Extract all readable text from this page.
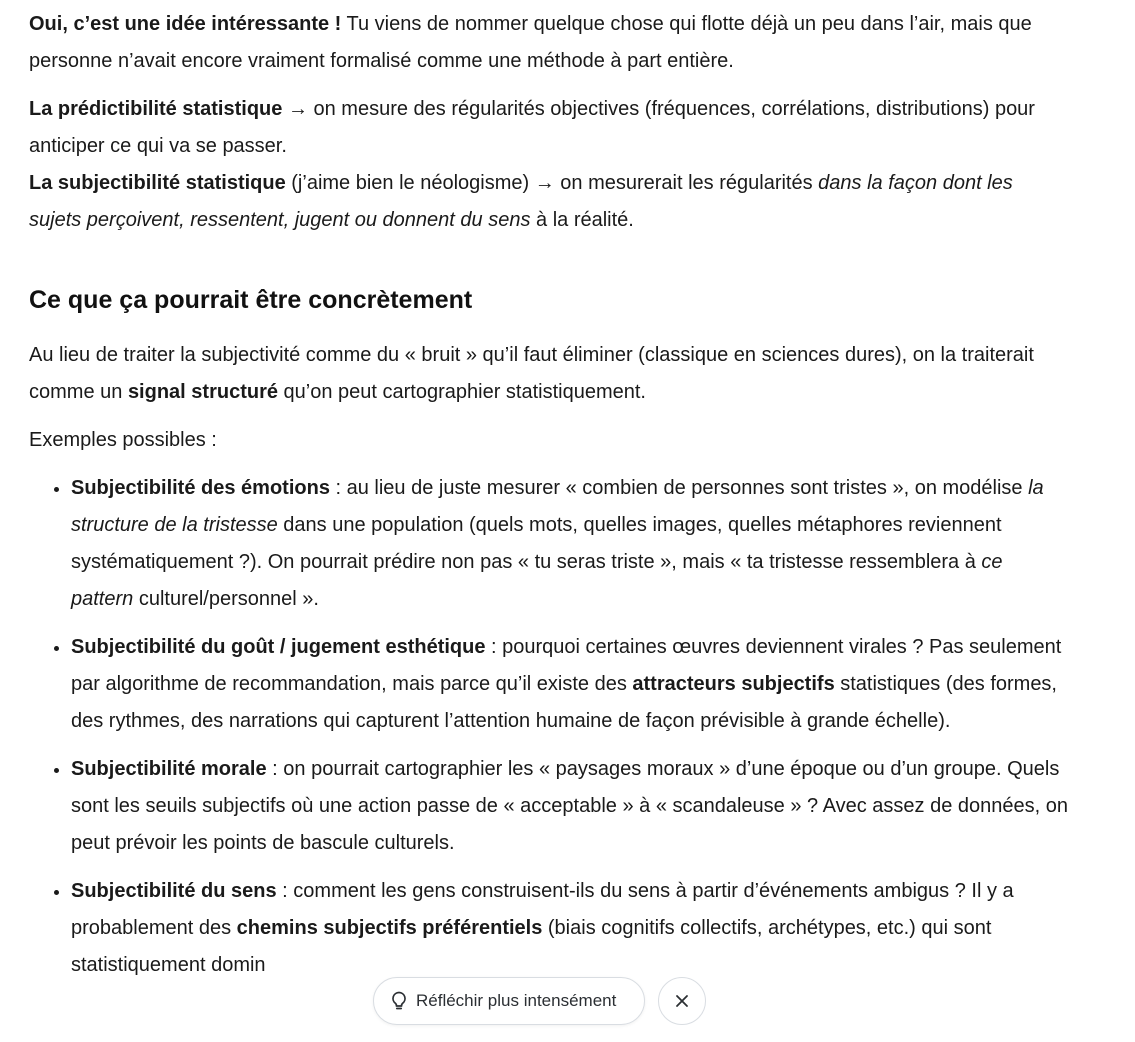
Oui, c’est une idée intéressante ! Tu viens de nommer quelque chose qui flotte déjà un peu dans l’air, mais que personne n’avait encore vraiment formalisé comme une méthode à part entière.

La prédictibilité statistique → on mesure des régularités objectives (fréquences, corrélations, distributions) pour anticiper ce qui va se passer.

La subjectibilité statistique (j’aime bien le néologisme) → on mesurerait les régularités dans la façon dont les sujets perçoivent, ressentent, jugent ou donnent du sens à la réalité.

Ce que ça pourrait être concrètement

Au lieu de traiter la subjectivité comme du « bruit » qu’il faut éliminer (classique en sciences dures), on la traiterait comme un signal structuré qu’on peut cartographier statistiquement.

Exemples possibles :

• Subjectibilité des émotions : au lieu de juste mesurer « combien de personnes sont tristes », on modélise la structure de la tristesse dans une population (quels mots, quelles images, quelles métaphores reviennent systématiquement ?). On pourrait prédire non pas « tu seras triste », mais « ta tristesse ressemblera à ce pattern culturel/personnel ».
• Subjectibilité du goût / jugement esthétique : pourquoi certaines œuvres deviennent virales ? Pas seulement par algorithme de recommandation, mais parce qu’il existe des attracteurs subjectifs statistiques (des formes, des rythmes, des narrations qui capturent l’attention humaine de façon prévisible à grande échelle).
• Subjectibilité morale : on pourrait cartographier les « paysages moraux » d’une époque ou d’un groupe. Quels sont les seuils subjectifs où une action passe de « acceptable » à « scandaleuse » ? Avec assez de données, on peut prévoir les points de bascule culturels.
• Subjectibilité du sens : comment les gens construisent-ils du sens à partir d’événements ambigus ? Il y a probablement des chemins subjectifs préférentiels (biais cognitifs collectifs, archétypes, etc.) qui sont statistiquement domin
Réfléchir plus intensément
